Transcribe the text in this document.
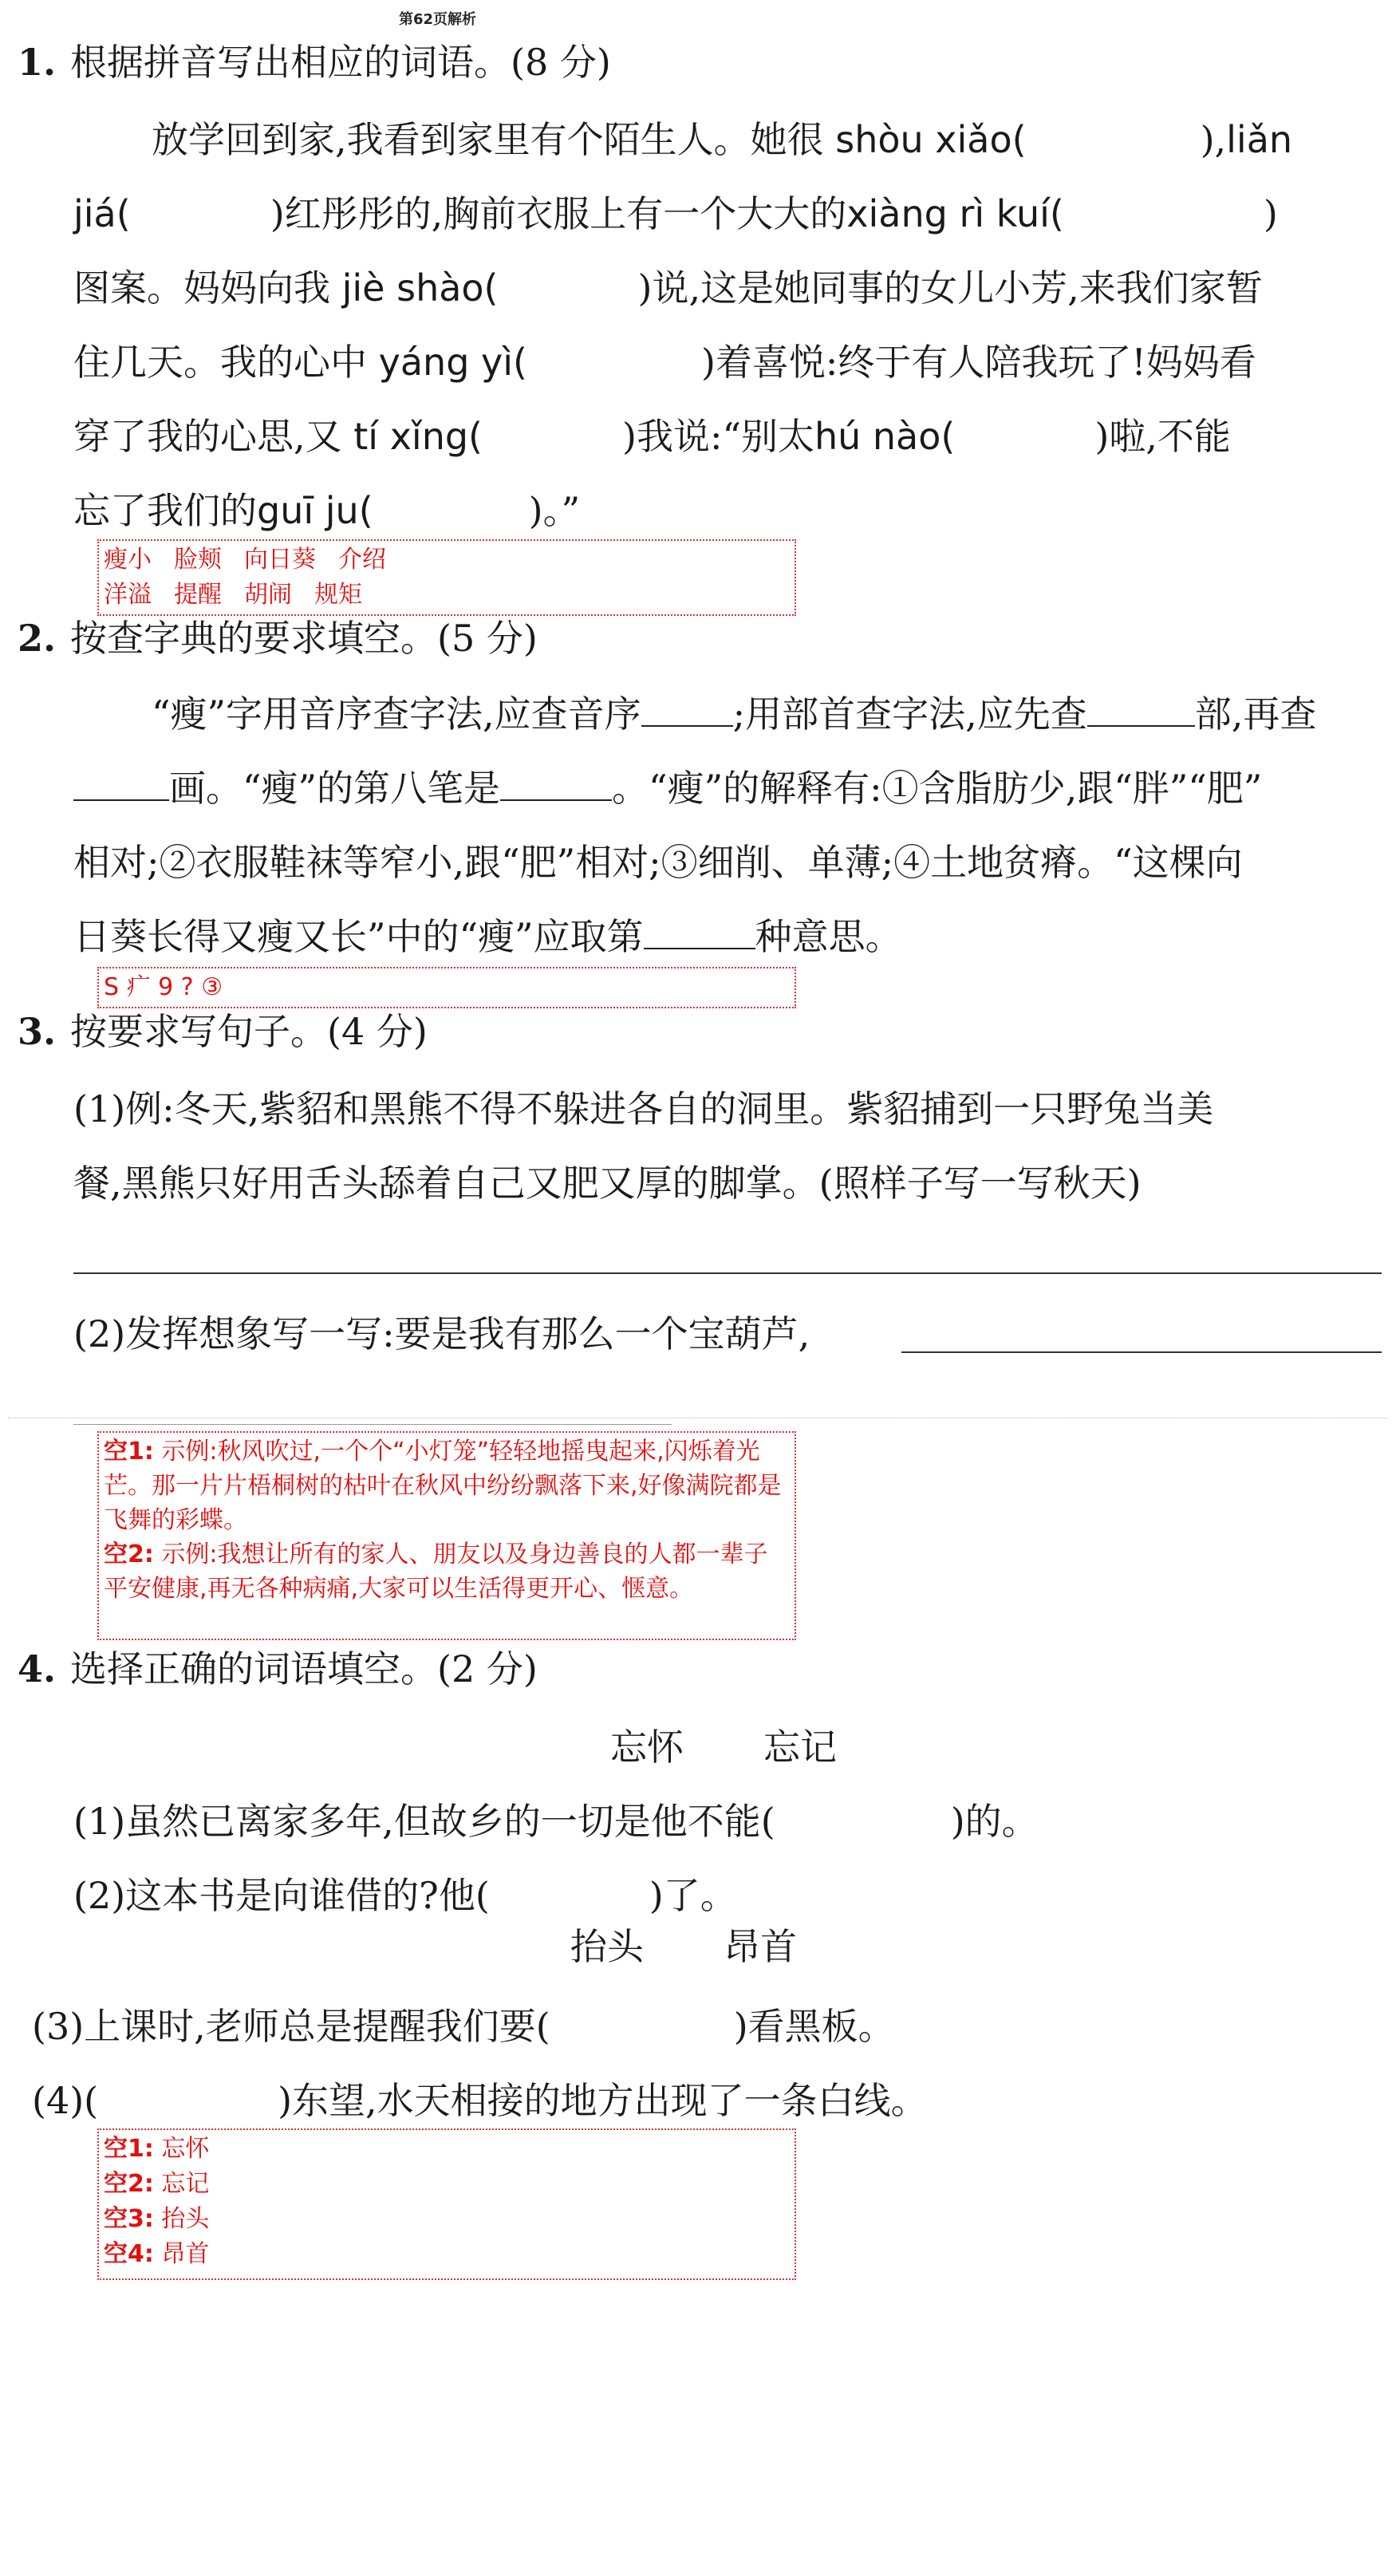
第62页解析
1. 根据拼音写出相应的词语。(8 分)
放学回到家,我看到家里有个陌生人。她很 shòu xiǎo(	),liǎn
jiá(	)红彤彤的,胸前衣服上有一个大大的xiàng rì kuí(	)
图案。妈妈向我 jiè shào(	)说,这是她同事的女儿小芳,来我们家暂
住几天。我的心中 yáng yì(	)着喜悦:终于有人陪我玩了!妈妈看
穿了我的心思,又 tí xǐng(	)我说:“别太hú nào(	)啦,不能
忘了我们的guī ju(	)。”
瘦小 脸颊 向日葵 介绍
洋溢 提醒 胡闹 规矩
2. 按查字典的要求填空。(5 分)
“瘦”字用音序查字法,应查音序	;用部首查字法,应先查	部,再查
画。“瘦”的第八笔是	。“瘦”的解释有:①含脂肪少,跟“胖”“肥”
相对;②衣服鞋袜等窄小,跟“肥”相对;③细削、单薄;④土地贫瘠。“这棵向
日葵长得又瘦又长”中的“瘦”应取第	种意思。
S 疒 9 ? ③
3. 按要求写句子。(4 分)
(1)例:冬天,紫貂和黑熊不得不躲进各自的洞里。紫貂捕到一只野兔当美
餐,黑熊只好用舌头舔着自己又肥又厚的脚掌。(照样子写一写秋天)
(2)发挥想象写一写:要是我有那么一个宝葫芦,
空1: 示例:秋风吹过,一个个“小灯笼”轻轻地摇曳起来,闪烁着光芒。那一片片梧桐树的枯叶在秋风中纷纷飘落下来,好像满院都是飞舞的彩蝶。
空2: 示例:我想让所有的家人、朋友以及身边善良的人都一辈子平安健康,再无各种病痛,大家可以生活得更开心、惬意。
4. 选择正确的词语填空。(2 分)
忘怀 忘记
(1)虽然已离家多年,但故乡的一切是他不能(	)的。
(2)这本书是向谁借的?他(	)了。
抬头 昂首
(3)上课时,老师总是提醒我们要(	)看黑板。
(4)(	)东望,水天相接的地方出现了一条白线。
空1: 忘怀
空2: 忘记
空3: 抬头
空4: 昂首
